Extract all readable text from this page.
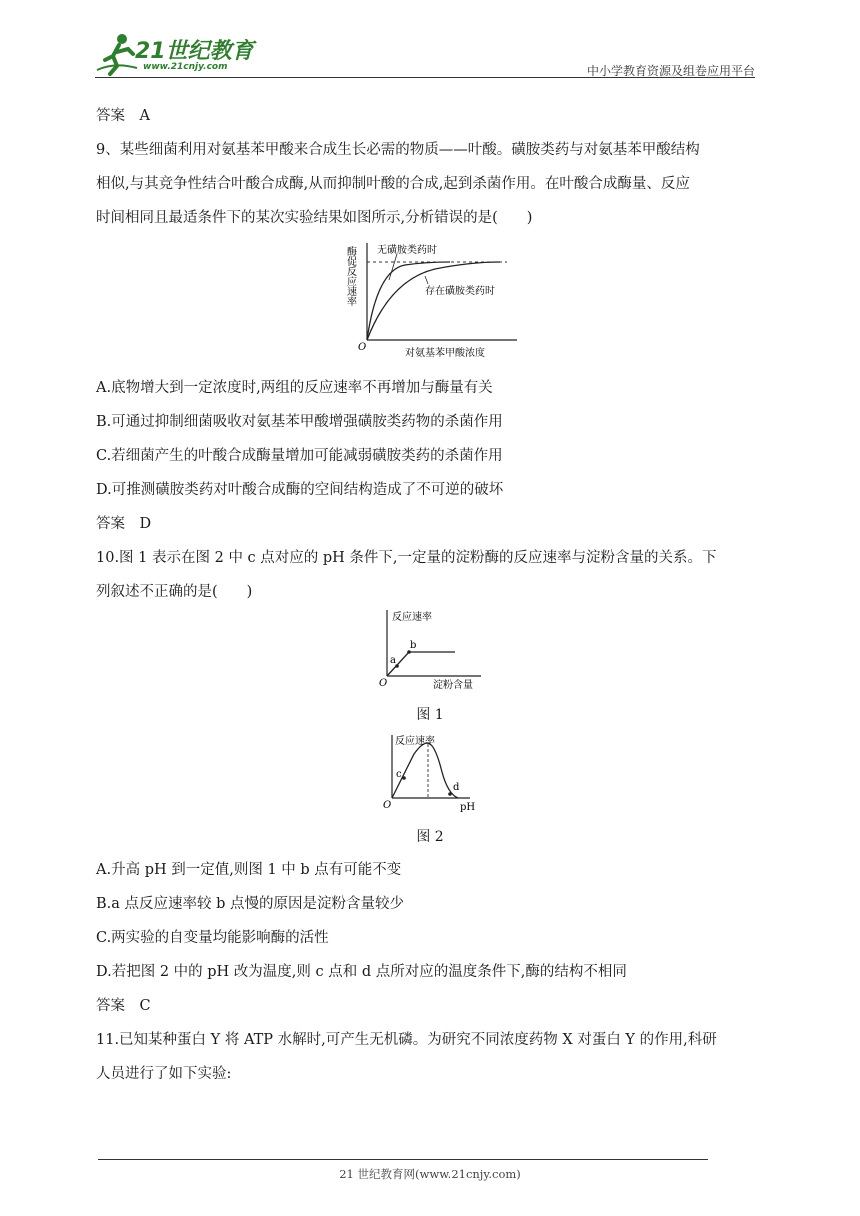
21世纪教育
www.21cnjy.com	中小学教育资源及组卷应用平台
答案　A
9、某些细菌利用对氨基苯甲酸来合成生长必需的物质——叶酸。磺胺类药与对氨基苯甲酸结构
相似,与其竞争性结合叶酸合成酶,从而抑制叶酸的合成,起到杀菌作用。在叶酸合成酶量、反应
时间相同且最适条件下的某次实验结果如图所示,分析错误的是(　　)
无磺胺类药时
存在磺胺类药时
O
对氨基苯甲酸浓度
酶促反应速率
A.底物增大到一定浓度时,两组的反应速率不再增加与酶量有关
B.可通过抑制细菌吸收对氨基苯甲酸增强磺胺类药物的杀菌作用
C.若细菌产生的叶酸合成酶量增加可能减弱磺胺类药的杀菌作用
D.可推测磺胺类药对叶酸合成酶的空间结构造成了不可逆的破坏
答案　D
10.图 1 表示在图 2 中 c 点对应的 pH 条件下,一定量的淀粉酶的反应速率与淀粉含量的关系。下
列叙述不正确的是(　　)
a
b
反应速率
淀粉含量
O
图 1
c
d
反应速率
pH
O
图 2
A.升高 pH 到一定值,则图 1 中 b 点有可能不变
B.a 点反应速率较 b 点慢的原因是淀粉含量较少
C.两实验的自变量均能影响酶的活性
D.若把图 2 中的 pH 改为温度,则 c 点和 d 点所对应的温度条件下,酶的结构不相同
答案　C
11.已知某种蛋白 Y 将 ATP 水解时,可产生无机磷。为研究不同浓度药物 X 对蛋白 Y 的作用,科研
人员进行了如下实验:
21 世纪教育网(www.21cnjy.com)
